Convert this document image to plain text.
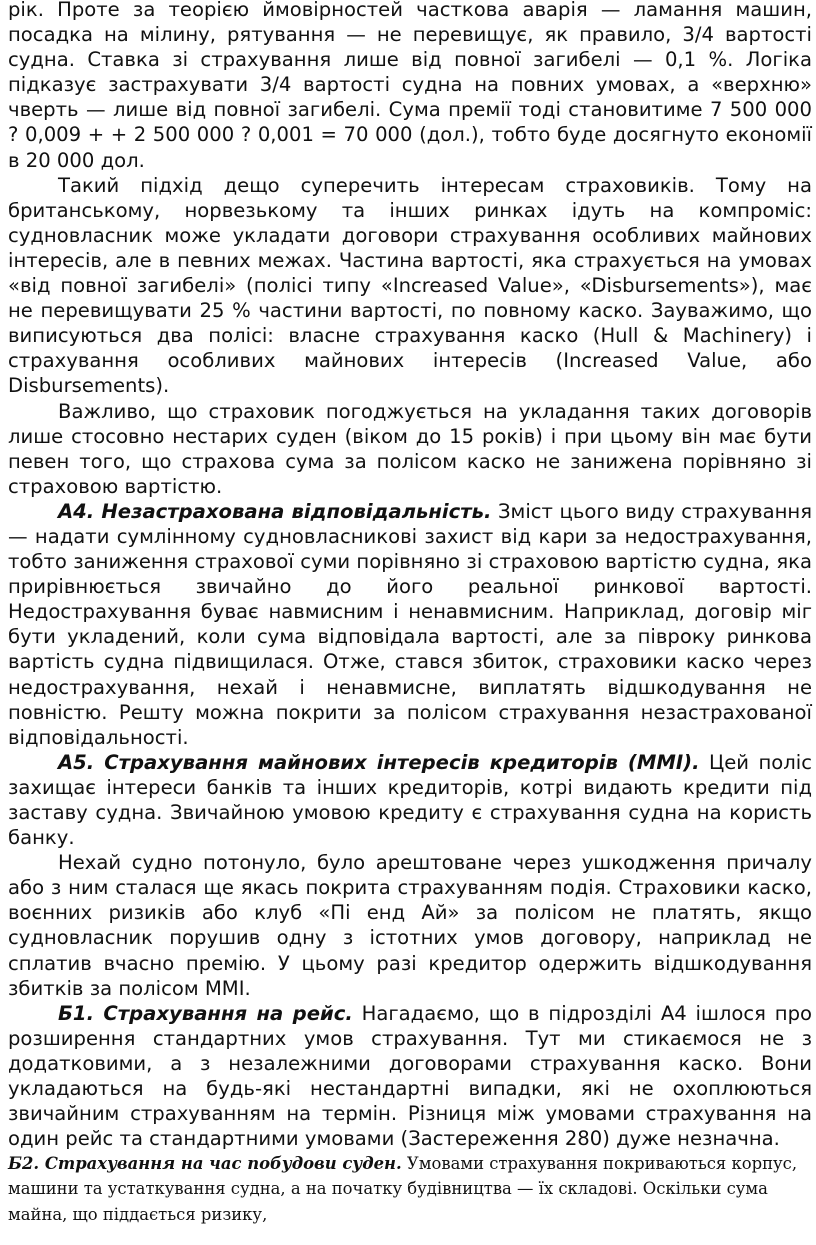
рік. Проте за теорією ймовірностей часткова аварія — ламання машин, посадка на мілину, рятування — не перевищує, як правило, 3/4 вартості судна. Ставка зі страхування лише від повної загибелі — 0,1 %. Логіка підказує застрахувати 3/4 вартості судна на повних умовах, а «верхню» чверть — лише від повної загибелі. Сума премії тоді становитиме 7 500 000 ? 0,009 + + 2 500 000 ? 0,001 = 70 000 (дол.), тобто буде досягнуто економії в 20 000 дол.

Такий підхід дещо суперечить інтересам страховиків. Тому на британському, норвезькому та інших ринках ідуть на компроміс: судновласник може укладати договори страхування особливих майнових інтересів, але в певних межах. Частина вартості, яка страхується на умовах «від повної загибелі» (полісі типу «Increased Value», «Disbursements»), має не перевищувати 25 % частини вартості, по повному каско. Зауважимо, що виписуються два полісі: власне страхування каско (Hull & Machinery) і страхування особливих майнових інтересів (Increased Value, або Disbursements).

Важливо, що страховик погоджується на укладання таких договорів лише стосовно нестарих суден (віком до 15 років) і при цьому він має бути певен того, що страхова сума за полісом каско не занижена порівняно зі страховою вартістю.

А4. Незастрахована відповідальність. Зміст цього виду страхування — надати сумлінному судновласникові захист від кари за недострахування, тобто заниження страхової суми порівняно зі страховою вартістю судна, яка прирівнюється звичайно до його реальної ринкової вартості. Недострахування буває навмисним і ненавмисним. Наприклад, договір міг бути укладений, коли сума відповідала вартості, але за півроку ринкова вартість судна підвищилася. Отже, стався збиток, страховики каско через недострахування, нехай і ненавмисне, виплатять відшкодування не повністю. Решту можна покрити за полісом страхування незастрахованої відповідальності.

А5. Страхування майнових інтересів кредиторів (ММІ). Цей поліс захищає інтереси банків та інших кредиторів, котрі видають кредити під заставу судна. Звичайною умовою кредиту є страхування судна на користь банку.

Нехай судно потонуло, було арештоване через ушкодження причалу або з ним сталася ще якась покрита страхуванням подія. Страховики каско, воєнних ризиків або клуб «Пі енд Ай» за полісом не платять, якщо судновласник порушив одну з істотних умов договору, наприклад не сплатив вчасно премію. У цьому разі кредитор одержить відшкодування збитків за полісом ММІ.

Б1. Страхування на рейс. Нагадаємо, що в підрозділі А4 ішлося про розширення стандартних умов страхування. Тут ми стикаємося не з додатковими, а з незалежними договорами страхування каско. Вони укладаються на будь-які нестандартні випадки, які не охоплюються звичайним страхуванням на термін. Різниця між умовами страхування на один рейс та стандартними умовами (Застереження 280) дуже незначна.

Б2. Страхування на час побудови суден. Умовами страхування покриваються корпус, машини та устаткування судна, а на початку будівництва — їх складові. Оскільки сума майна, що піддається ризику,
